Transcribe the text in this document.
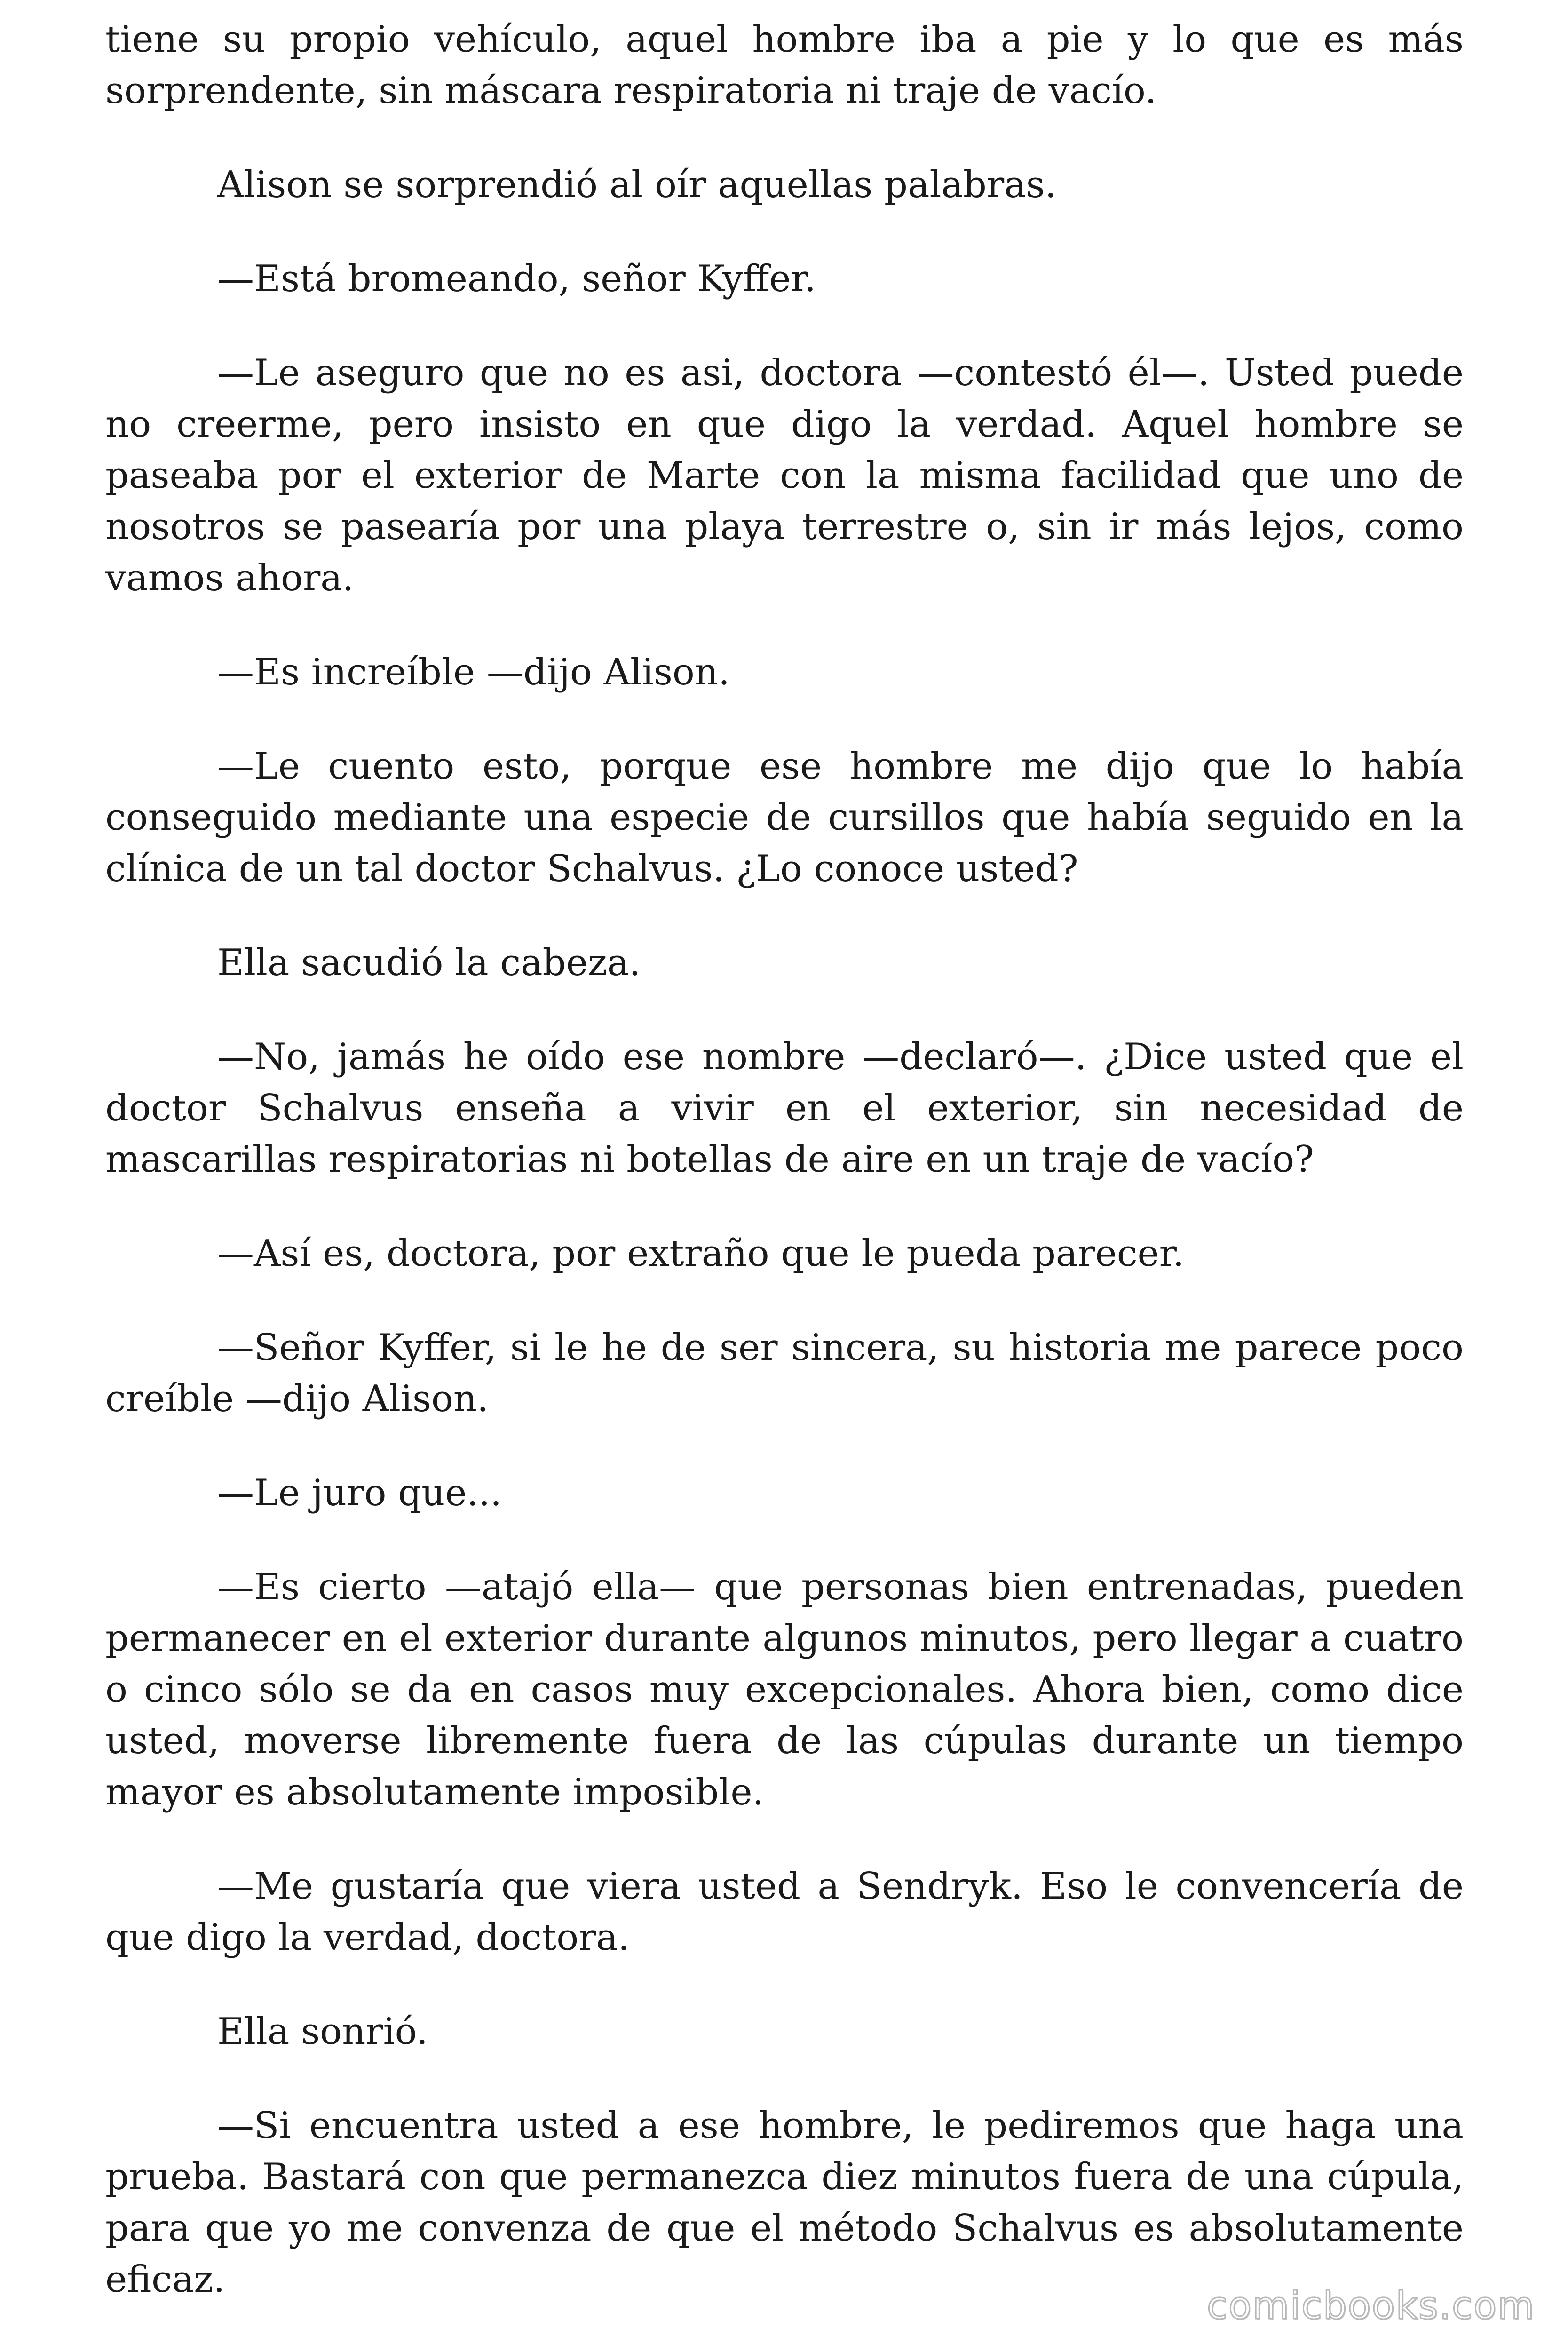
tiene su propio vehículo, aquel hombre iba a pie y lo que es más sorprendente, sin máscara respiratoria ni traje de vacío.

Alison se sorprendió al oír aquellas palabras.

—Está bromeando, señor Kyffer.

—Le aseguro que no es asi, doctora —contestó él—. Usted puede no creerme, pero insisto en que digo la verdad. Aquel hombre se paseaba por el exterior de Marte con la misma facilidad que uno de nosotros se pasearía por una playa terrestre o, sin ir más lejos, como vamos ahora.

—Es increíble —dijo Alison.

—Le cuento esto, porque ese hombre me dijo que lo había conseguido mediante una especie de cursillos que había seguido en la clínica de un tal doctor Schalvus. ¿Lo conoce usted?

Ella sacudió la cabeza.

—No, jamás he oído ese nombre —declaró—. ¿Dice usted que el doctor Schalvus enseña a vivir en el exterior, sin necesidad de mascarillas respiratorias ni botellas de aire en un traje de vacío?

—Así es, doctora, por extraño que le pueda parecer.

—Señor Kyffer, si le he de ser sincera, su historia me parece poco creíble —dijo Alison.

—Le juro que...

—Es cierto —atajó ella— que personas bien entrenadas, pueden permanecer en el exterior durante algunos minutos, pero llegar a cuatro o cinco sólo se da en casos muy excepcionales. Ahora bien, como dice usted, moverse libremente fuera de las cúpulas durante un tiempo mayor es absolutamente imposible.

—Me gustaría que viera usted a Sendryk. Eso le convencería de que digo la verdad, doctora.

Ella sonrió.

—Si encuentra usted a ese hombre, le pediremos que haga una prueba. Bastará con que permanezca diez minutos fuera de una cúpula, para que yo me convenza de que el método Schalvus es absolutamente eficaz.

comicbooks.com
